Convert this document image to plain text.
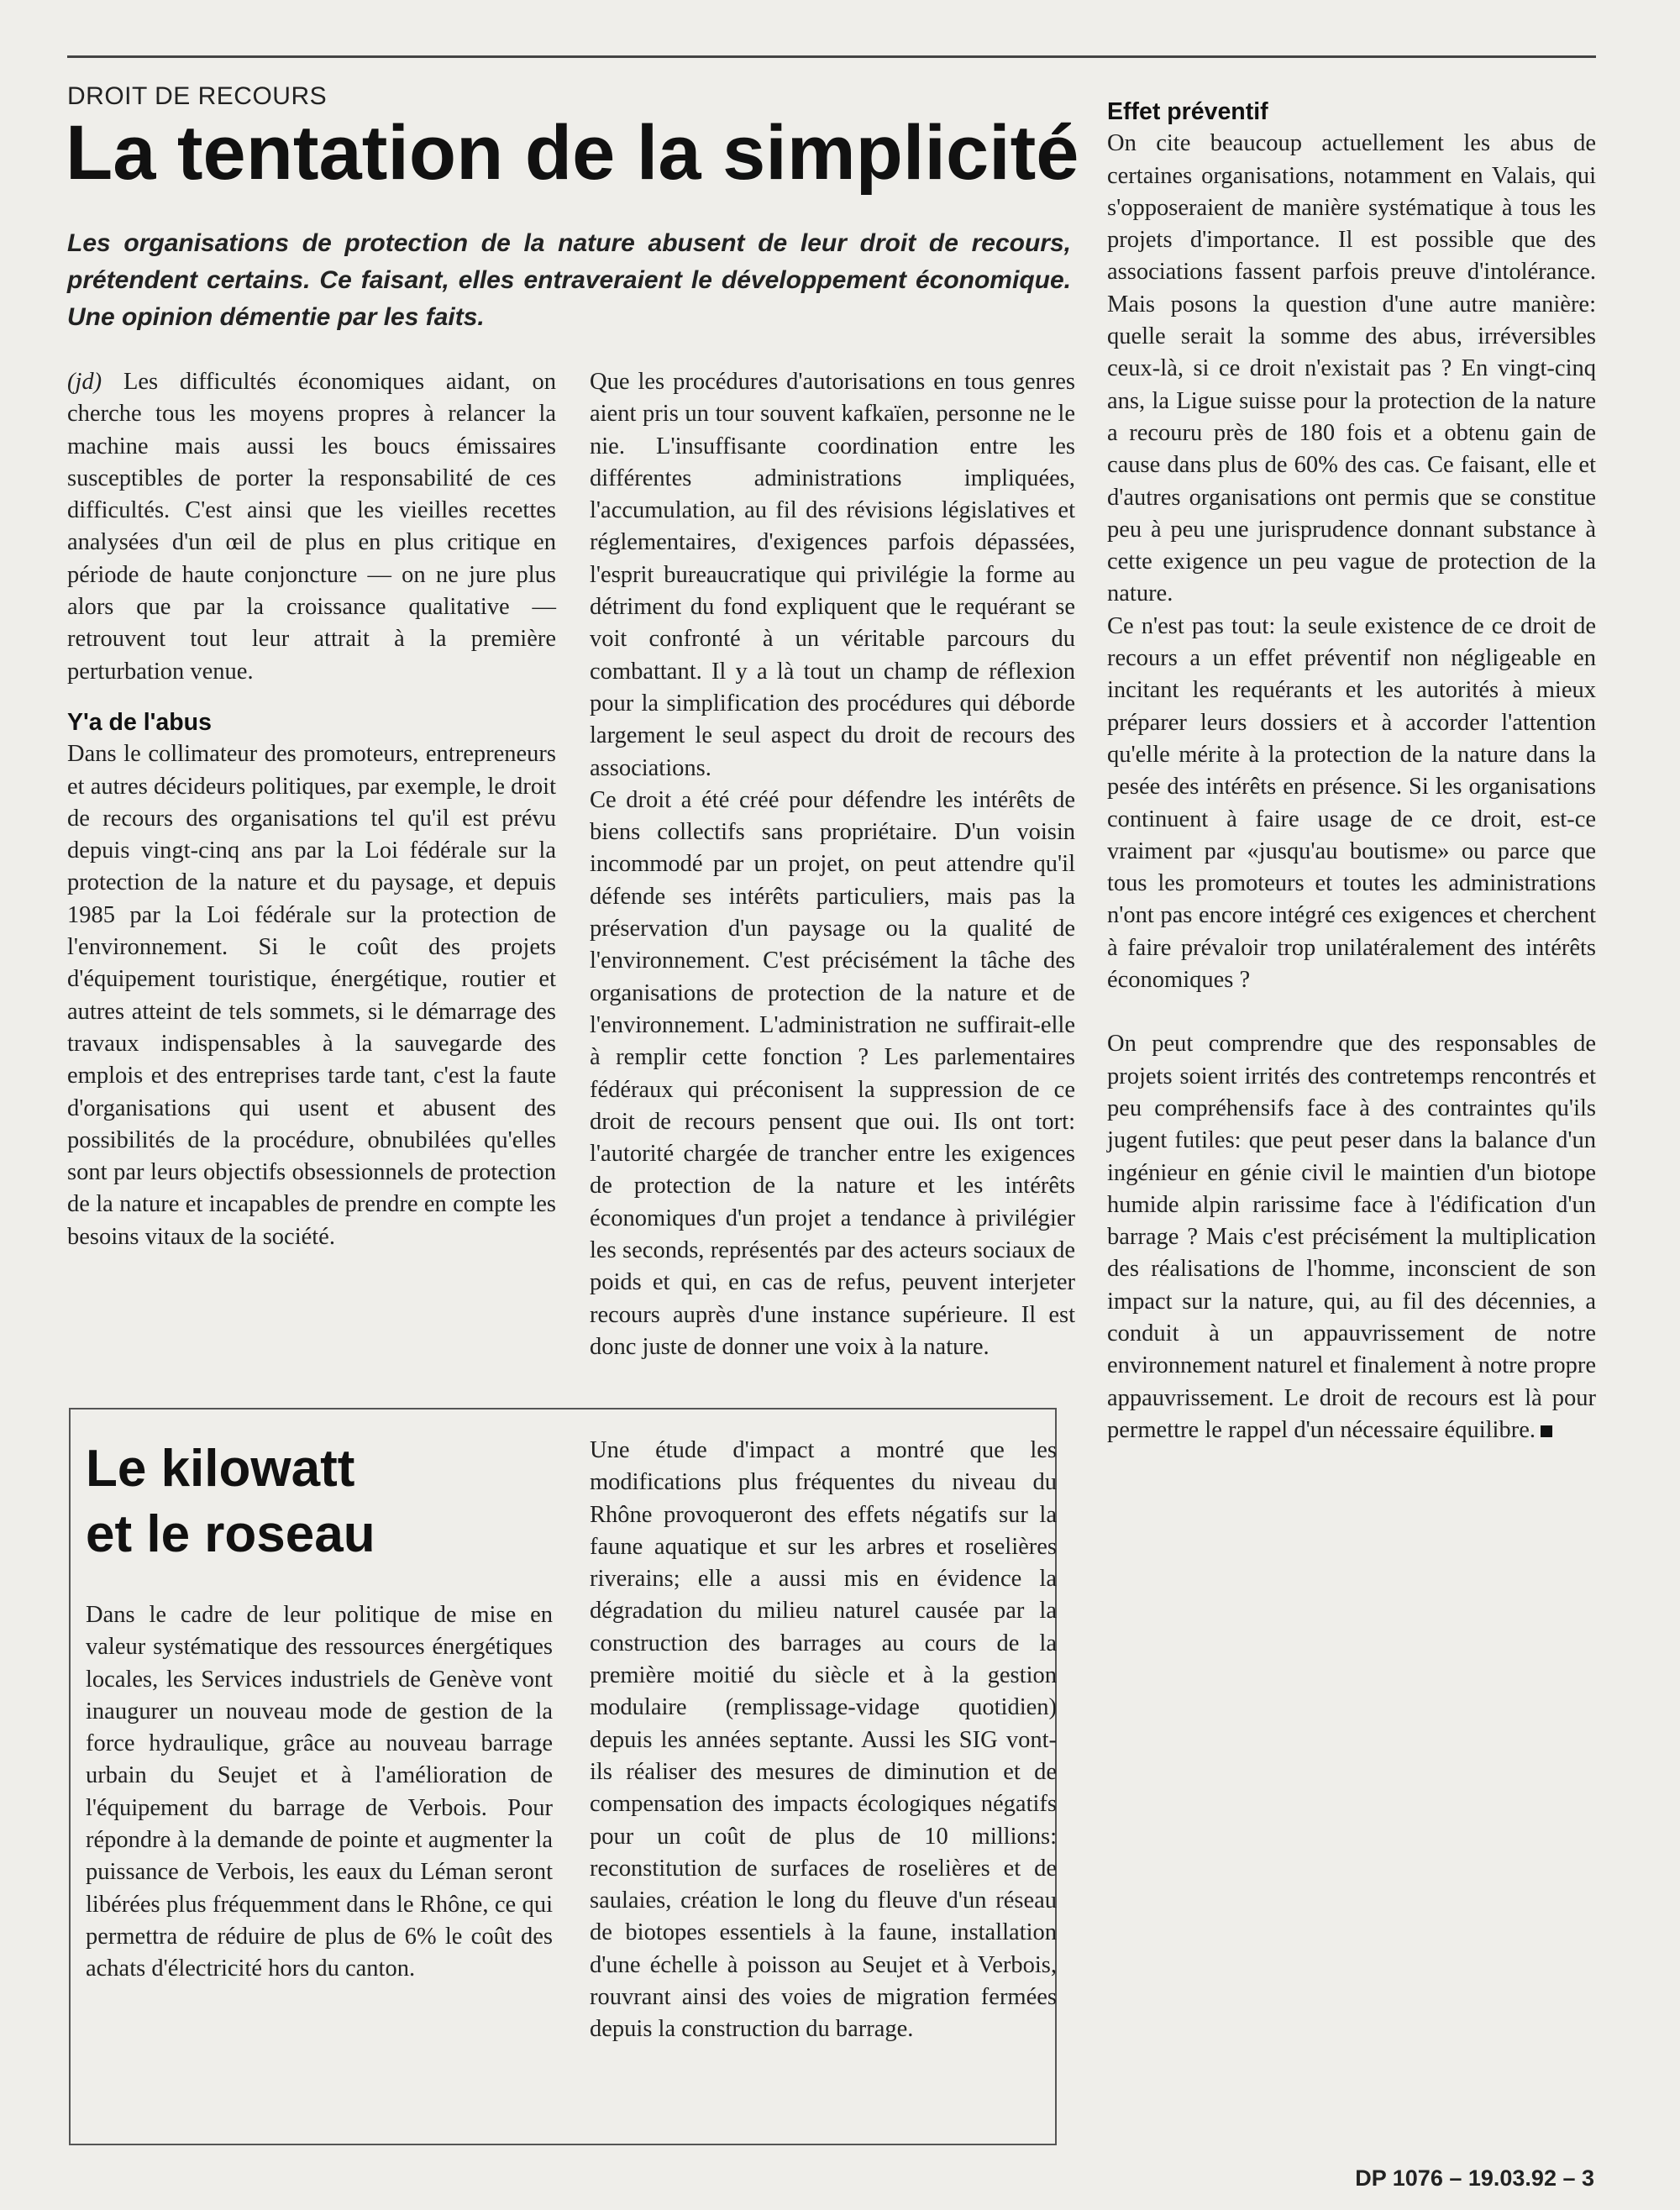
DROIT DE RECOURS
La tentation de la simplicité

Les organisations de protection de la nature abusent de leur droit de recours, prétendent certains. Ce faisant, elles entraveraient le développement économique. Une opinion démentie par les faits.

(jd) Les difficultés économiques aidant, on cherche tous les moyens propres à relancer la machine mais aussi les boucs émissaires susceptibles de porter la responsabilité de ces difficultés. C'est ainsi que les vieilles recettes analysées d'un œil de plus en plus critique en période de haute conjoncture — on ne jure plus alors que par la croissance qualitative — retrouvent tout leur attrait à la première perturbation venue.

Y'a de l'abus

Dans le collimateur des promoteurs, entrepreneurs et autres décideurs politiques, par exemple, le droit de recours des organisations tel qu'il est prévu depuis vingt-cinq ans par la Loi fédérale sur la protection de la nature et du paysage, et depuis 1985 par la Loi fédérale sur la protection de l'environnement. Si le coût des projets d'équipement touristique, énergétique, routier et autres atteint de tels sommets, si le démarrage des travaux indispensables à la sauvegarde des emplois et des entreprises tarde tant, c'est la faute d'organisations qui usent et abusent des possibilités de la procédure, obnubilées qu'elles sont par leurs objectifs obsessionnels de protection de la nature et incapables de prendre en compte les besoins vitaux de la société.

Que les procédures d'autorisations en tous genres aient pris un tour souvent kafkaïen, personne ne le nie. L'insuffisante coordination entre les différentes administrations impliquées, l'accumulation, au fil des révisions législatives et réglementaires, d'exigences parfois dépassées, l'esprit bureaucratique qui privilégie la forme au détriment du fond expliquent que le requérant se voit confronté à un véritable parcours du combattant. Il y a là tout un champ de réflexion pour la simplification des procédures qui déborde largement le seul aspect du droit de recours des associations.

Ce droit a été créé pour défendre les intérêts de biens collectifs sans propriétaire. D'un voisin incommodé par un projet, on peut attendre qu'il défende ses intérêts particuliers, mais pas la préservation d'un paysage ou la qualité de l'environnement. C'est précisément la tâche des organisations de protection de la nature et de l'environnement. L'administration ne suffirait-elle à remplir cette fonction ? Les parlementaires fédéraux qui préconisent la suppression de ce droit de recours pensent que oui. Ils ont tort: l'autorité chargée de trancher entre les exigences de protection de la nature et les intérêts économiques d'un projet a tendance à privilégier les seconds, représentés par des acteurs sociaux de poids et qui, en cas de refus, peuvent interjeter recours auprès d'une instance supérieure. Il est donc juste de donner une voix à la nature.

Effet préventif

On cite beaucoup actuellement les abus de certaines organisations, notamment en Valais, qui s'opposeraient de manière systématique à tous les projets d'importance. Il est possible que des associations fassent parfois preuve d'intolérance. Mais posons la question d'une autre manière: quelle serait la somme des abus, irréversibles ceux-là, si ce droit n'existait pas ? En vingt-cinq ans, la Ligue suisse pour la protection de la nature a recouru près de 180 fois et a obtenu gain de cause dans plus de 60% des cas. Ce faisant, elle et d'autres organisations ont permis que se constitue peu à peu une jurisprudence donnant substance à cette exigence un peu vague de protection de la nature.

Ce n'est pas tout: la seule existence de ce droit de recours a un effet préventif non négligeable en incitant les requérants et les autorités à mieux préparer leurs dossiers et à accorder l'attention qu'elle mérite à la protection de la nature dans la pesée des intérêts en présence. Si les organisations continuent à faire usage de ce droit, est-ce vraiment par «jusqu'au boutisme» ou parce que tous les promoteurs et toutes les administrations n'ont pas encore intégré ces exigences et cherchent à faire prévaloir trop unilatéralement des intérêts économiques ?

On peut comprendre que des responsables de projets soient irrités des contretemps rencontrés et peu compréhensifs face à des contraintes qu'ils jugent futiles: que peut peser dans la balance d'un ingénieur en génie civil le maintien d'un biotope humide alpin rarissime face à l'édification d'un barrage ? Mais c'est précisément la multiplication des réalisations de l'homme, inconscient de son impact sur la nature, qui, au fil des décennies, a conduit à un appauvrissement de notre environnement naturel et finalement à notre propre appauvrissement. Le droit de recours est là pour permettre le rappel d'un nécessaire équilibre.

Le kilowatt
et le roseau

Dans le cadre de leur politique de mise en valeur systématique des ressources énergétiques locales, les Services industriels de Genève vont inaugurer un nouveau mode de gestion de la force hydraulique, grâce au nouveau barrage urbain du Seujet et à l'amélioration de l'équipement du barrage de Verbois. Pour répondre à la demande de pointe et augmenter la puissance de Verbois, les eaux du Léman seront libérées plus fréquemment dans le Rhône, ce qui permettra de réduire de plus de 6% le coût des achats d'électricité hors du canton.

Une étude d'impact a montré que les modifications plus fréquentes du niveau du Rhône provoqueront des effets négatifs sur la faune aquatique et sur les arbres et roselières riverains; elle a aussi mis en évidence la dégradation du milieu naturel causée par la construction des barrages au cours de la première moitié du siècle et à la gestion modulaire (remplissage-vidage quotidien) depuis les années septante. Aussi les SIG vont-ils réaliser des mesures de diminution et de compensation des impacts écologiques négatifs pour un coût de plus de 10 millions: reconstitution de surfaces de roselières et de saulaies, création le long du fleuve d'un réseau de biotopes essentiels à la faune, installation d'une échelle à poisson au Seujet et à Verbois, rouvrant ainsi des voies de migration fermées depuis la construction du barrage.

DP 1076 – 19.03.92 – 3
